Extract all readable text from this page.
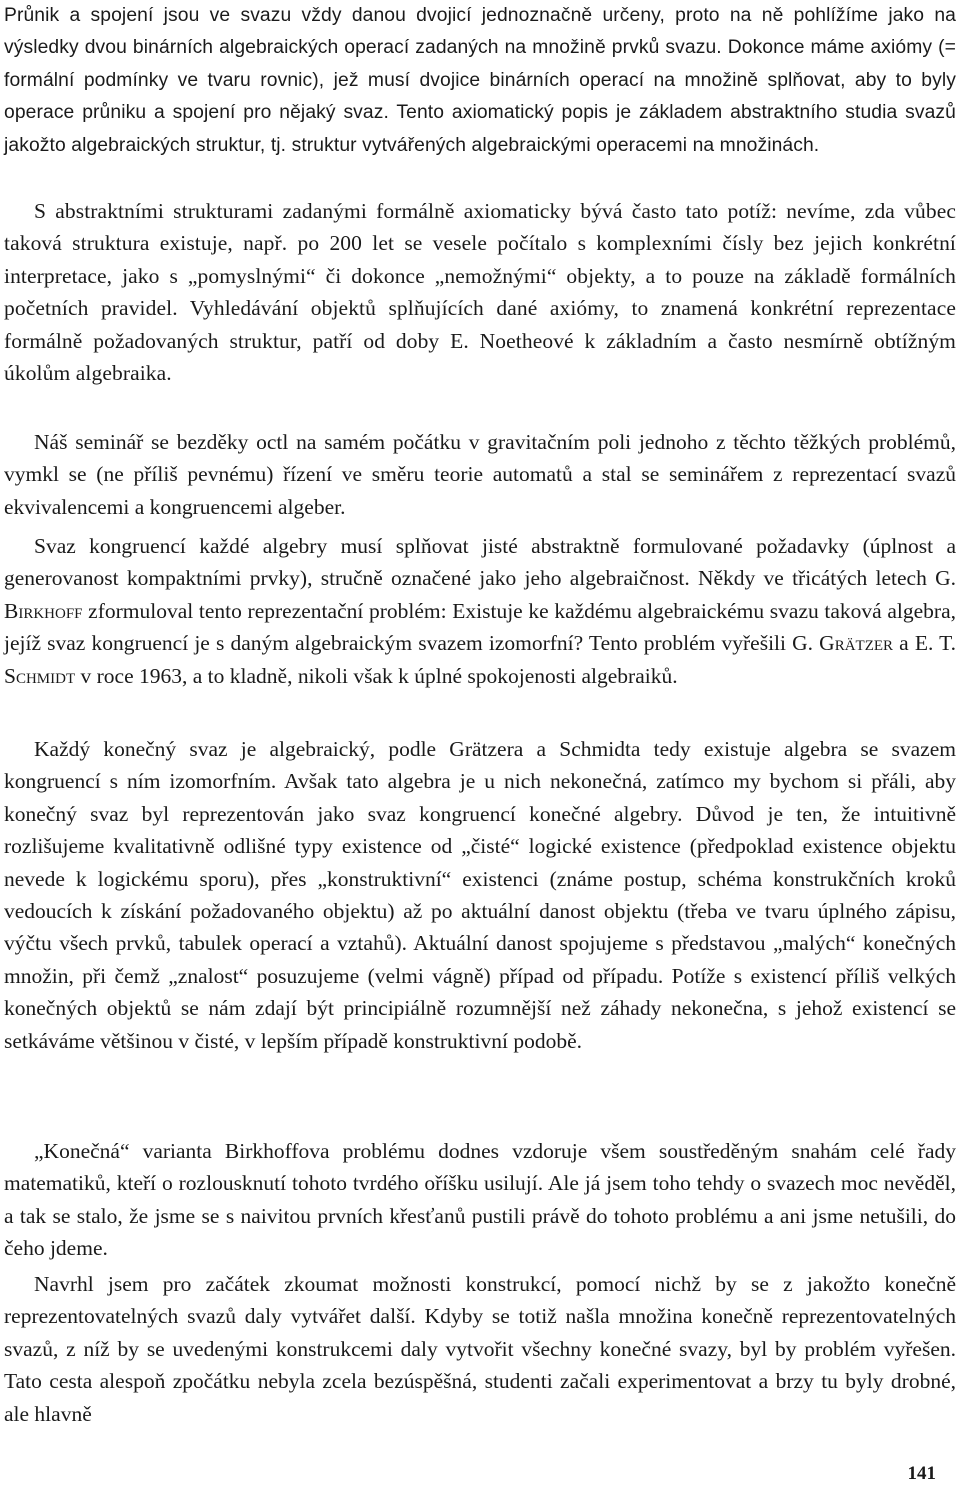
Průnik a spojení jsou ve svazu vždy danou dvojicí jednoznačně určeny, proto na ně pohlížíme jako na výsledky dvou binárních algebraických operací zadaných na množině prvků svazu. Dokonce máme axiómy (= formální podmínky ve tvaru rovnic), jež musí dvojice binárních operací na množině splňovat, aby to byly operace průniku a spojení pro nějaký svaz. Tento axiomatický popis je základem abstraktního studia svazů jakožto algebraických struktur, tj. struktur vytvářených algebraickými operacemi na množinách.

S abstraktními strukturami zadanými formálně axiomaticky bývá často tato potíž: nevíme, zda vůbec taková struktura existuje, např. po 200 let se vesele počítalo s komplexními čísly bez jejich konkrétní interpretace, jako s „pomyslnými“ či dokonce „nemožnými“ objekty, a to pouze na základě formálních početních pravidel. Vyhledávání objektů splňujících dané axiómy, to znamená konkrétní reprezentace formálně požadovaných struktur, patří od doby E. Noetheové k základním a často nesmírně obtížným úkolům algebraika.

Náš seminář se bezděky octl na samém počátku v gravitačním poli jednoho z těchto těžkých problémů, vymkl se (ne příliš pevnému) řízení ve směru teorie automatů a stal se seminářem z reprezentací svazů ekvivalencemi a kongruencemi algeber.

Svaz kongruencí každé algebry musí splňovat jisté abstraktně formulované požadavky (úplnost a generovanost kompaktními prvky), stručně označené jako jeho algebraičnost. Někdy ve třicátých letech G. Birkhoff zformuloval tento reprezentační problém: Existuje ke každému algebraickému svazu taková algebra, jejíž svaz kongruencí je s daným algebraickým svazem izomorfní? Tento problém vyřešili G. Grätzer a E. T. Schmidt v roce 1963, a to kladně, nikoli však k úplné spokojenosti algebraiků.

Každý konečný svaz je algebraický, podle Grätzera a Schmidta tedy existuje algebra se svazem kongruencí s ním izomorfním. Avšak tato algebra je u nich nekonečná, zatímco my bychom si přáli, aby konečný svaz byl reprezentován jako svaz kongruencí konečné algebry. Důvod je ten, že intuitivně rozlišujeme kvalitativně odlišné typy existence od „čisté“ logické existence (předpoklad existence objektu nevede k logickému sporu), přes „konstruktivní“ existenci (známe postup, schéma konstrukčních kroků vedoucích k získání požadovaného objektu) až po aktuální danost objektu (třeba ve tvaru úplného zápisu, výčtu všech prvků, tabulek operací a vztahů). Aktuální danost spojujeme s představou „malých“ konečných množin, při čemž „znalost“ posuzujeme (velmi vágně) případ od případu. Potíže s existencí příliš velkých konečných objektů se nám zdají být principiálně rozumnější než záhady nekonečna, s jehož existencí se setkáváme většinou v čisté, v lepším případě konstruktivní podobě.

„Konečná“ varianta Birkhoffova problému dodnes vzdoruje všem soustředěným snahám celé řady matematiků, kteří o rozlousknutí tohoto tvrdého oříšku usilují. Ale já jsem toho tehdy o svazech moc nevěděl, a tak se stalo, že jsme se s naivitou prvních křesťanů pustili právě do tohoto problému a ani jsme netušili, do čeho jdeme.

Navrhl jsem pro začátek zkoumat možnosti konstrukcí, pomocí nichž by se z jakožto konečně reprezentovatelných svazů daly vytvářet další. Kdyby se totiž našla množina konečně reprezentovatelných svazů, z níž by se uvedenými konstrukcemi daly vytvořit všechny konečné svazy, byl by problém vyřešen. Tato cesta alespoň zpočátku nebyla zcela bezúspěšná, studenti začali experimentovat a brzy tu byly drobné, ale hlavně

141
